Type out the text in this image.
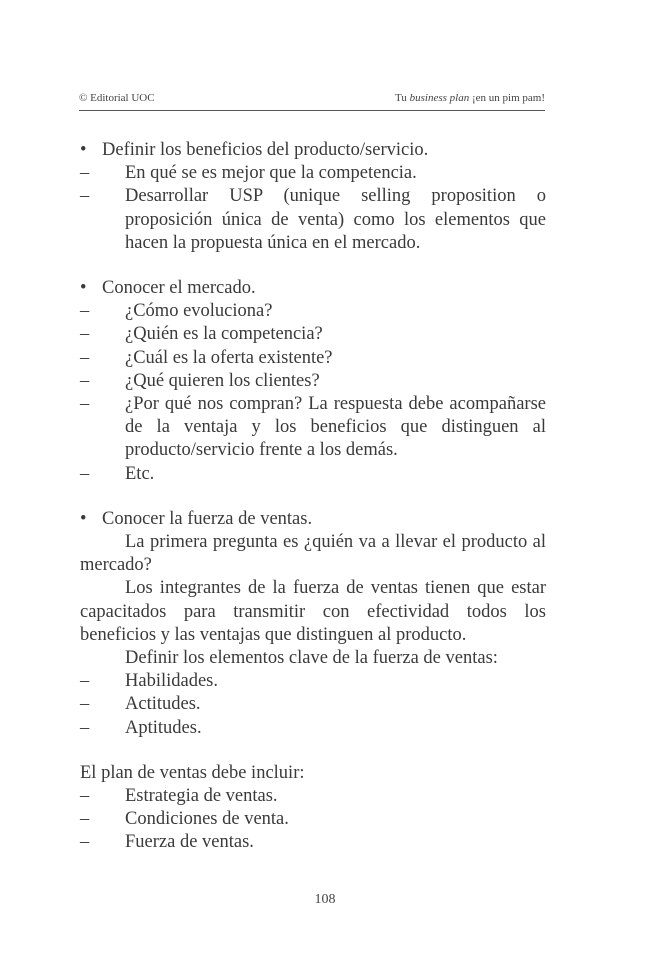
© Editorial UOC	Tu business plan ¡en un pim pam!
• Definir los beneficios del producto/servicio.
– En qué se es mejor que la competencia.
– Desarrollar USP (unique selling proposition o proposición única de venta) como los elementos que hacen la propuesta única en el mercado.
• Conocer el mercado.
– ¿Cómo evoluciona?
– ¿Quién es la competencia?
– ¿Cuál es la oferta existente?
– ¿Qué quieren los clientes?
– ¿Por qué nos compran? La respuesta debe acompañarse de la ventaja y los beneficios que distinguen al producto/servicio frente a los demás.
– Etc.
• Conocer la fuerza de ventas.
La primera pregunta es ¿quién va a llevar el producto al mercado?
Los integrantes de la fuerza de ventas tienen que estar capacitados para transmitir con efectividad todos los beneficios y las ventajas que distinguen al producto.
Definir los elementos clave de la fuerza de ventas:
– Habilidades.
– Actitudes.
– Aptitudes.
El plan de ventas debe incluir:
– Estrategia de ventas.
– Condiciones de venta.
– Fuerza de ventas.
108
